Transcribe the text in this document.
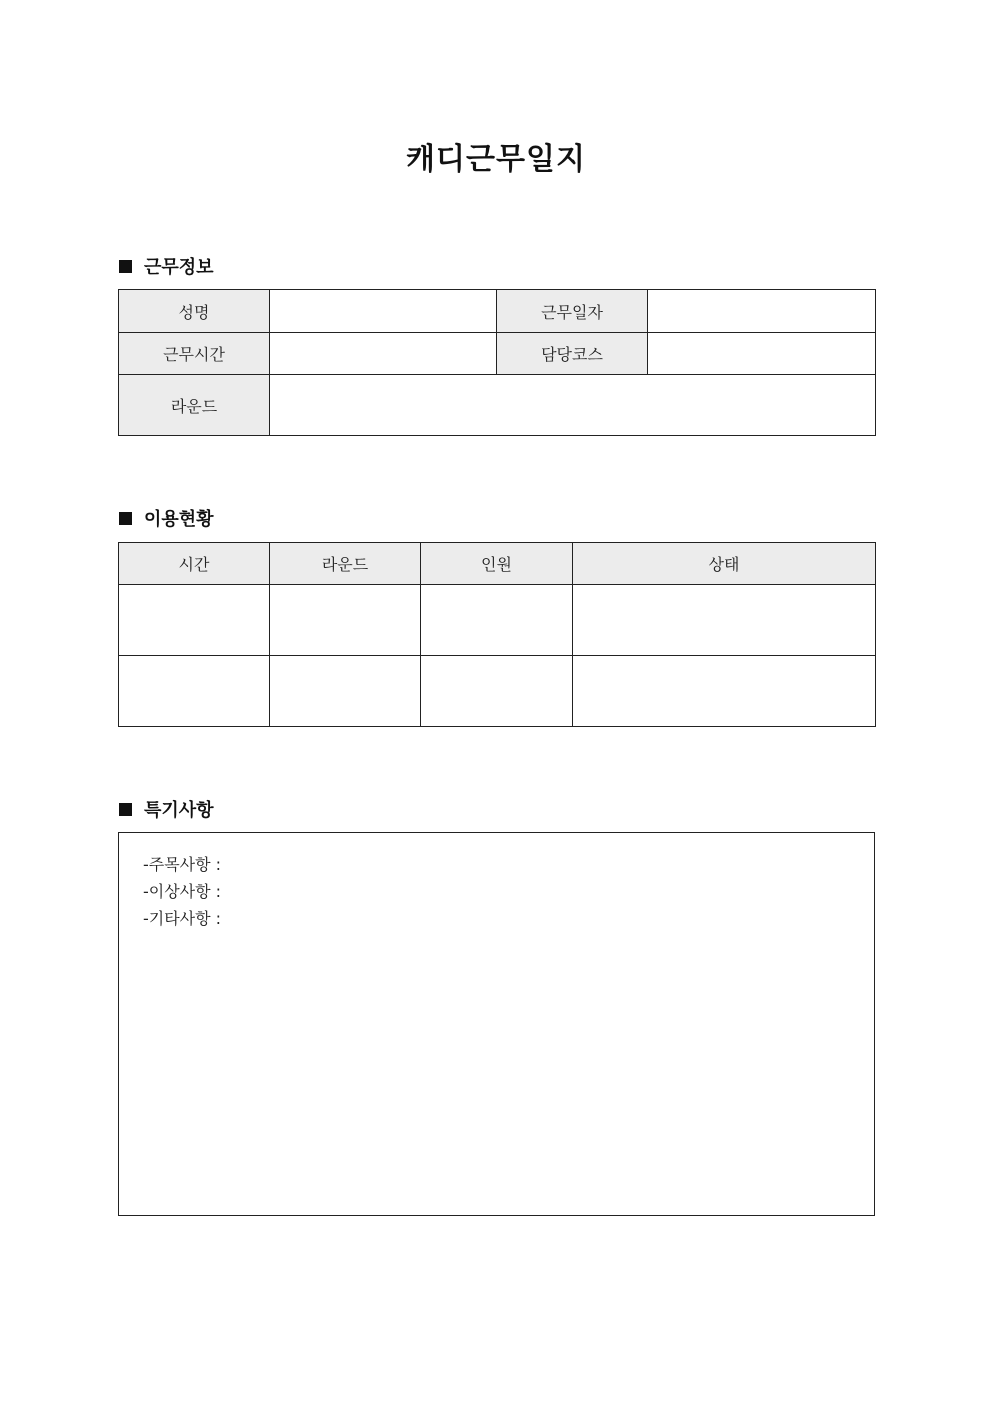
캐디근무일지
근무정보
성명		근무일자	
근무시간		담당코스	
라운드			
이용현황
시간	라운드	인원	상태

특기사항
-주목사항 :
-이상사항 :
-기타사항 :
